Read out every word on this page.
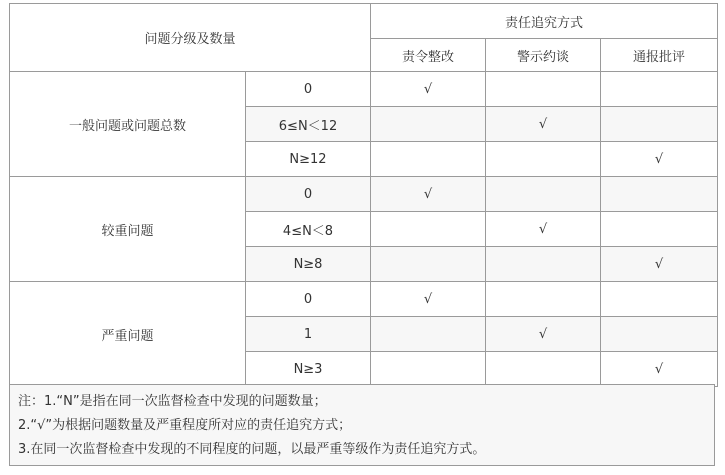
问题分级及数量		责任追究方式		
		责令整改	警示约谈	通报批评
一般问题或问题总数	0	√		
	6≤N＜12		√	
	N≥12			√
较重问题	0	√		
	4≤N＜8		√	
	N≥8			√
严重问题	0	√		
	1		√	
	N≥3			√
注：1.“N”是指在同一次监督检查中发现的问题数量；
2.“√”为根据问题数量及严重程度所对应的责任追究方式；
3.在同一次监督检查中发现的不同程度的问题，以最严重等级作为责任追究方式。
